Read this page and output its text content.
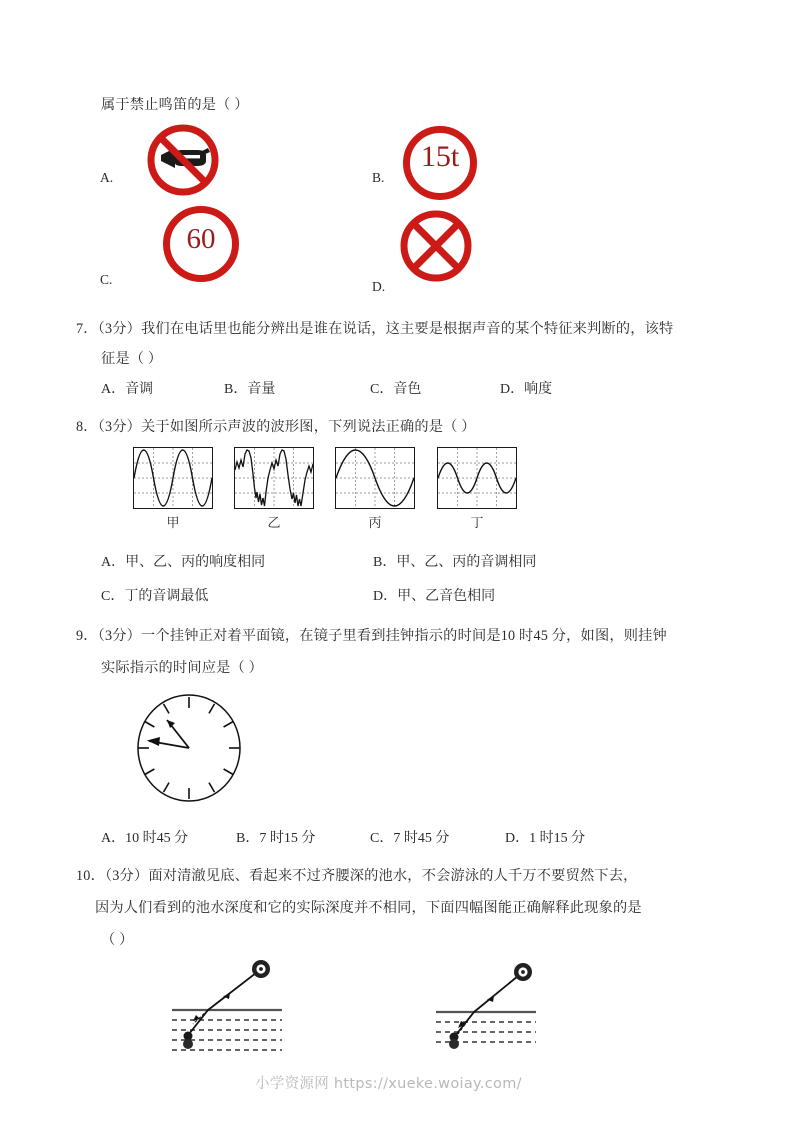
属于禁止鸣笛的是（ ）
A.	B.
15t
C.
60
D.
7．（3分）我们在电话里也能分辨出是谁在说话，这主要是根据声音的某个特征来判断的，该特
征是（ ）
A．音调	B．音量	C．音色	D．响度
8．（3分）关于如图所示声波的波形图，下列说法正确的是（ ）
甲	乙	丙	丁
A．甲、乙、丙的响度相同	B．甲、乙、丙的音调相同
C．丁的音调最低	D．甲、乙音色相同
9．（3分）一个挂钟正对着平面镜，在镜子里看到挂钟指示的时间是10 时45 分，如图，则挂钟
实际指示的时间应是（ ）
A．10 时45 分	B．7 时15 分	C．7 时45 分	D．1 时15 分
10．（3分）面对清澈见底、看起来不过齐腰深的池水，不会游泳的人千万不要贸然下去，
因为人们看到的池水深度和它的实际深度并不相同，下面四幅图能正确解释此现象的是
（ ）
小学资源网 https://xueke.woiay.com/
